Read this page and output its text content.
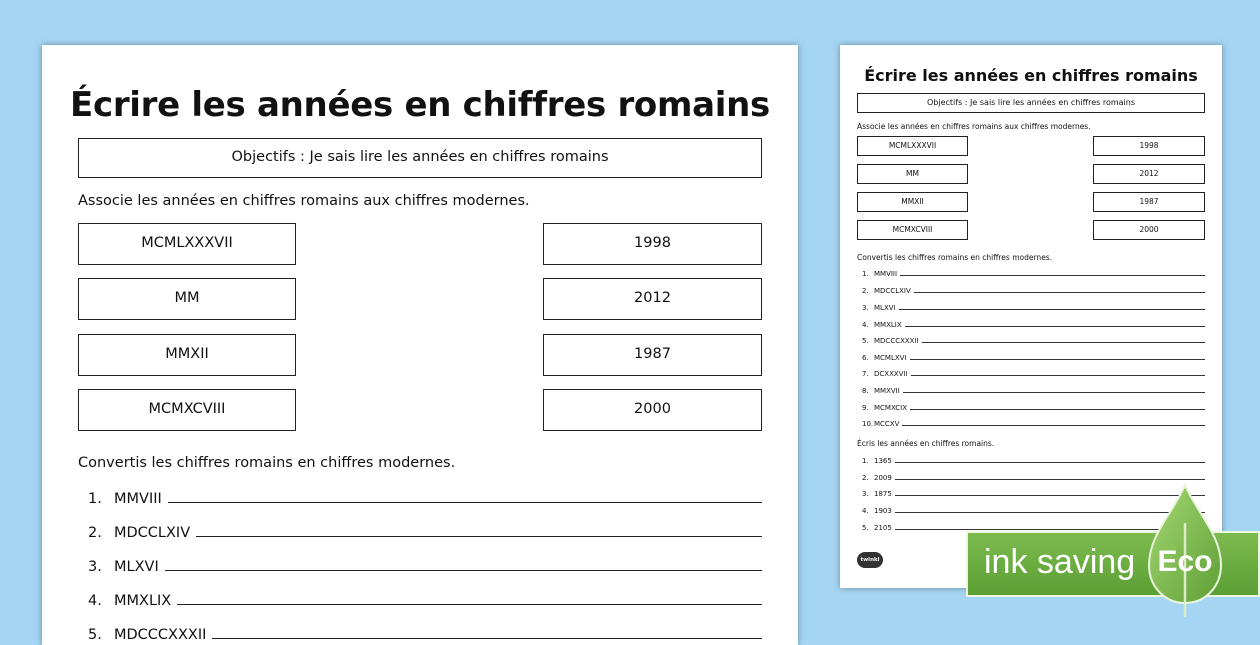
Écrire les années en chiffres romains
Objectifs : Je sais lire les années en chiffres romains
Associe les années en chiffres romains aux chiffres modernes.
MCMLXXXVII
MM
MMXII
MCMXCVIII
1998
2012
1987
2000
Convertis les chiffres romains en chiffres modernes.
1. MMVIII
2. MDCCLXIV
3. MLXVI
4. MMXLIX
5. MDCCCXXXII
Écrire les années en chiffres romains
Objectifs : Je sais lire les années en chiffres romains
Associe les années en chiffres romains aux chiffres modernes.
MCMLXXXVII
MM
MMXII
MCMXCVIII
1998
2012
1987
2000
Convertis les chiffres romains en chiffres modernes.
1. MMVIII
2. MDCCLXIV
3. MLXVI
4. MMXLIX
5. MDCCCXXXII
6. MCMLXVI
7. DCXXXVII
8. MMXVII
9. MCMXCIX
10. MCCXV
Écris les années en chiffres romains.
1. 1365
2. 2009
3. 1875
4. 1903
5. 2105
twinkl	ink saving Eco
